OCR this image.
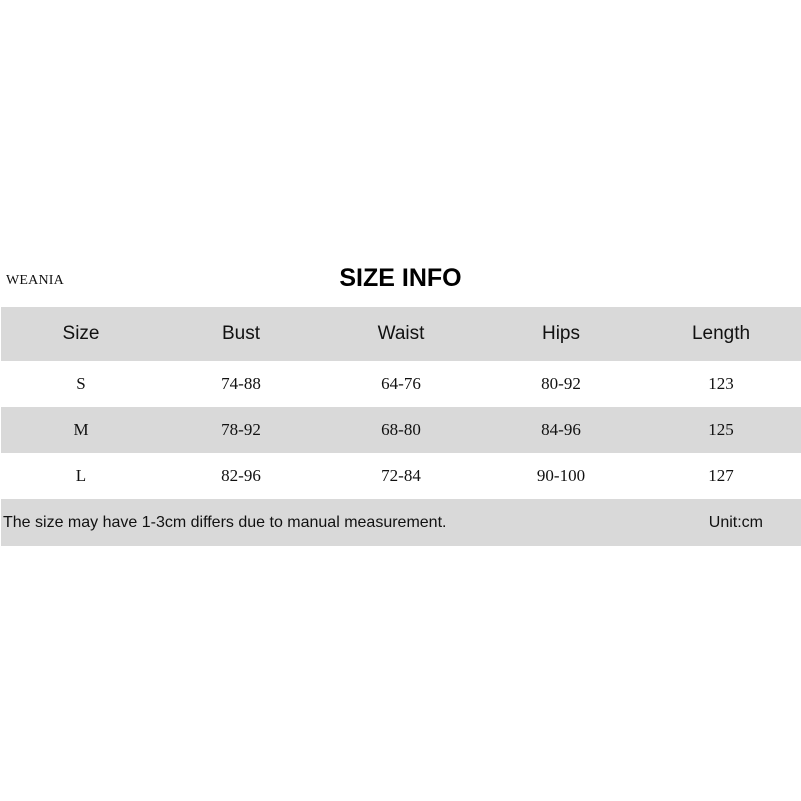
WEANIA	SIZE INFO
Size	Bust	Waist	Hips	Length
S	74-88	64-76	80-92	123
M	78-92	68-80	84-96	125
L	82-96	72-84	90-100	127
The size may have 1-3cm differs due to manual measurement.	Unit:cm
